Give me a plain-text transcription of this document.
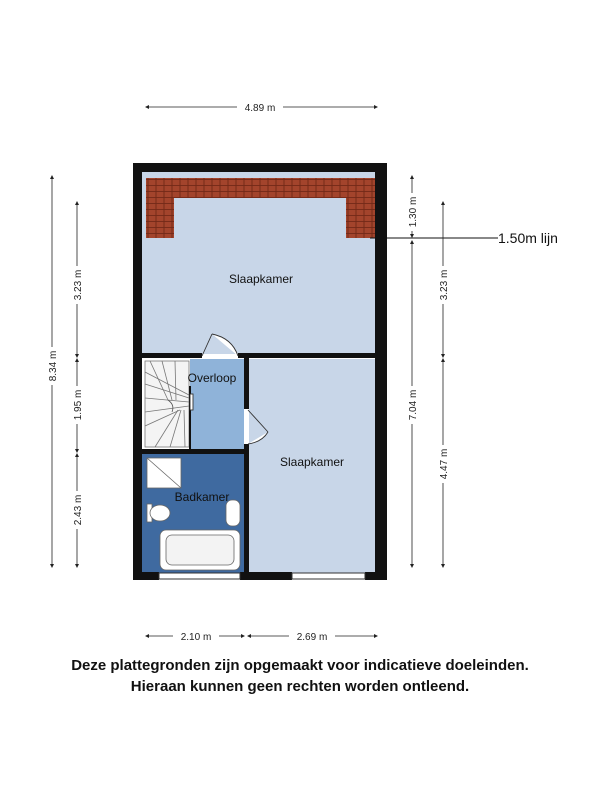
Slaapkamer
Overloop
Slaapkamer
Badkamer
1.50m lijn
4.89 m
8.34 m
3.23 m
1.95 m
2.43 m
1.30 m
3.23 m
7.04 m
4.47 m
2.10 m	2.69 m
Deze plattegronden zijn opgemaakt voor indicatieve doeleinden.
Hieraan kunnen geen rechten worden ontleend.
